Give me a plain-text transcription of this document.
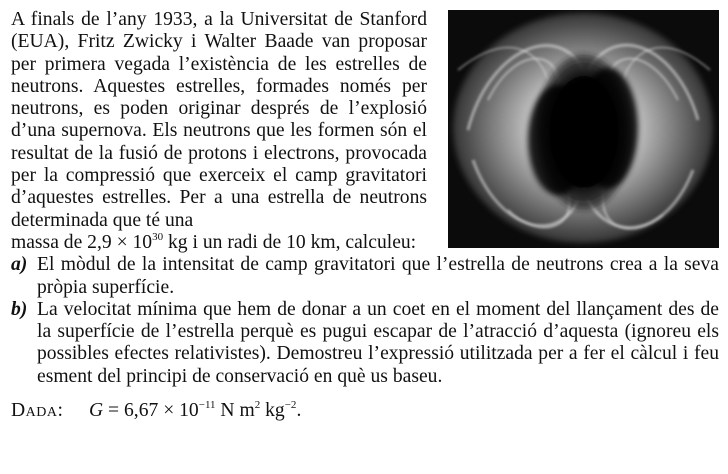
A finals de l’any 1933, a la Universitat de Stanford (EUA), Fritz Zwicky i Walter Baade van proposar per primera vegada l’existència de les estrelles de neutrons. Aquestes estrelles, formades només per neutrons, es poden originar després de l’explosió d’una supernova. Els neutrons que les formen són el resultat de la fusió de protons i electrons, provocada per la compressió que exerceix el camp gravitatori d’aquestes estrelles. Per a una estrella de neutrons determinada que té una

massa de $2,9 \times 10^{30}$ kg i un radi de 10 km, calculeu:
a) El mòdul de la intensitat de camp gravitatori que l’estrella de neutrons crea a la seva pròpia superfície.
b) La velocitat mínima que hem de donar a un coet en el moment del llançament des de la superfície de l’estrella perquè es pugui escapar de l’atracció d’aquesta (ignoreu els possibles efectes relativistes). Demostreu l’expressió utilitzada per a fer el càlcul i feu esment del principi de conservació en què us baseu.
Dada: $G = 6,67 \times 10^{-11}$ N $m^2$ $kg^{-2}$.
